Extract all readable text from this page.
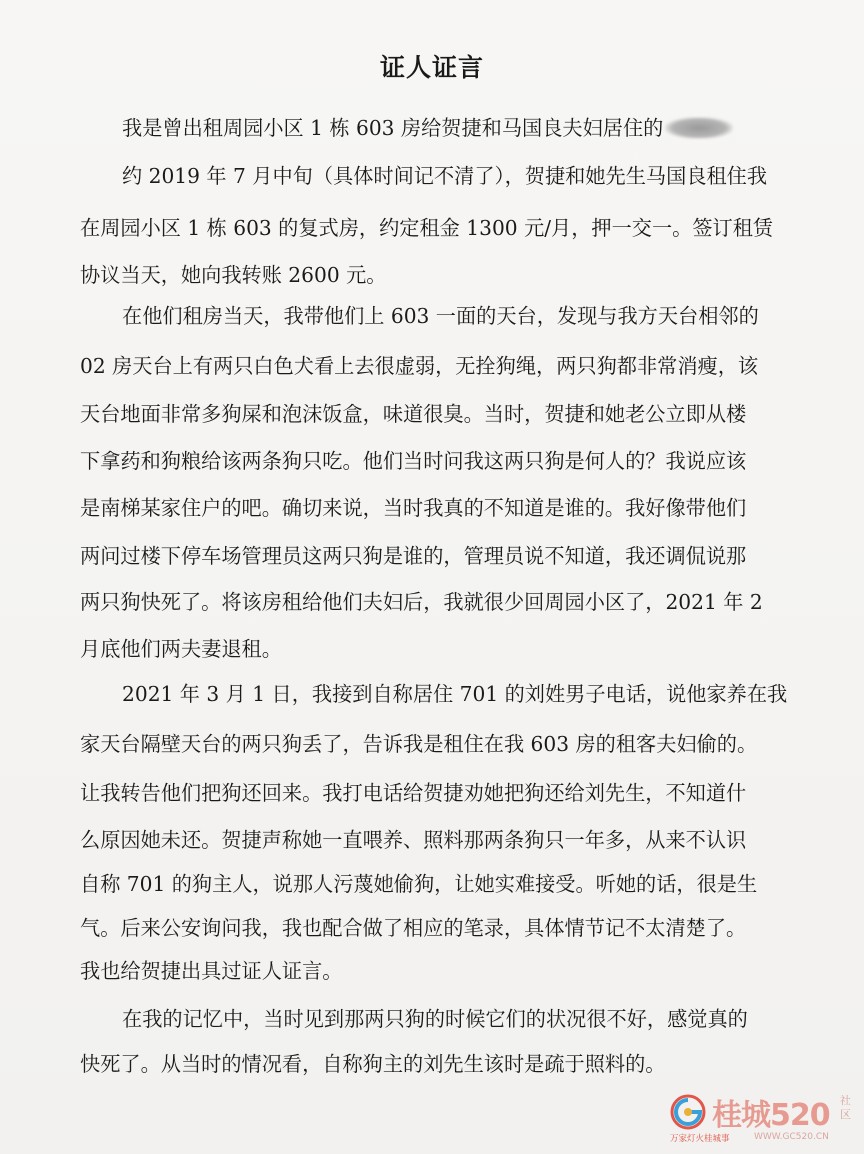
证人证言
我是曾出租周园小区 1 栋 603 房给贺捷和马国良夫妇居住的
约 2019 年 7 月中旬（具体时间记不清了），贺捷和她先生马国良租住我
在周园小区 1 栋 603 的复式房，约定租金 1300 元/月，押一交一。签订租赁
协议当天，她向我转账 2600 元。
在他们租房当天，我带他们上 603 一面的天台，发现与我方天台相邻的
02 房天台上有两只白色犬看上去很虚弱，无拴狗绳，两只狗都非常消瘦，该
天台地面非常多狗屎和泡沫饭盒，味道很臭。当时，贺捷和她老公立即从楼
下拿药和狗粮给该两条狗只吃。他们当时问我这两只狗是何人的？我说应该
是南梯某家住户的吧。确切来说，当时我真的不知道是谁的。我好像带他们
两问过楼下停车场管理员这两只狗是谁的，管理员说不知道，我还调侃说那
两只狗快死了。将该房租给他们夫妇后，我就很少回周园小区了，2021 年 2
月底他们两夫妻退租。
2021 年 3 月 1 日，我接到自称居住 701 的刘姓男子电话，说他家养在我
家天台隔壁天台的两只狗丢了，告诉我是租住在我 603 房的租客夫妇偷的。
让我转告他们把狗还回来。我打电话给贺捷劝她把狗还给刘先生，不知道什
么原因她未还。贺捷声称她一直喂养、照料那两条狗只一年多，从来不认识
自称 701 的狗主人，说那人污蔑她偷狗，让她实难接受。听她的话，很是生
气。后来公安询问我，我也配合做了相应的笔录，具体情节记不太清楚了。
我也给贺捷出具过证人证言。
在我的记忆中，当时见到那两只狗的时候它们的状况很不好，感觉真的
快死了。从当时的情况看，自称狗主的刘先生该时是疏于照料的。
桂城520 社区
万家灯火桂城事	WWW.GC520.CN
